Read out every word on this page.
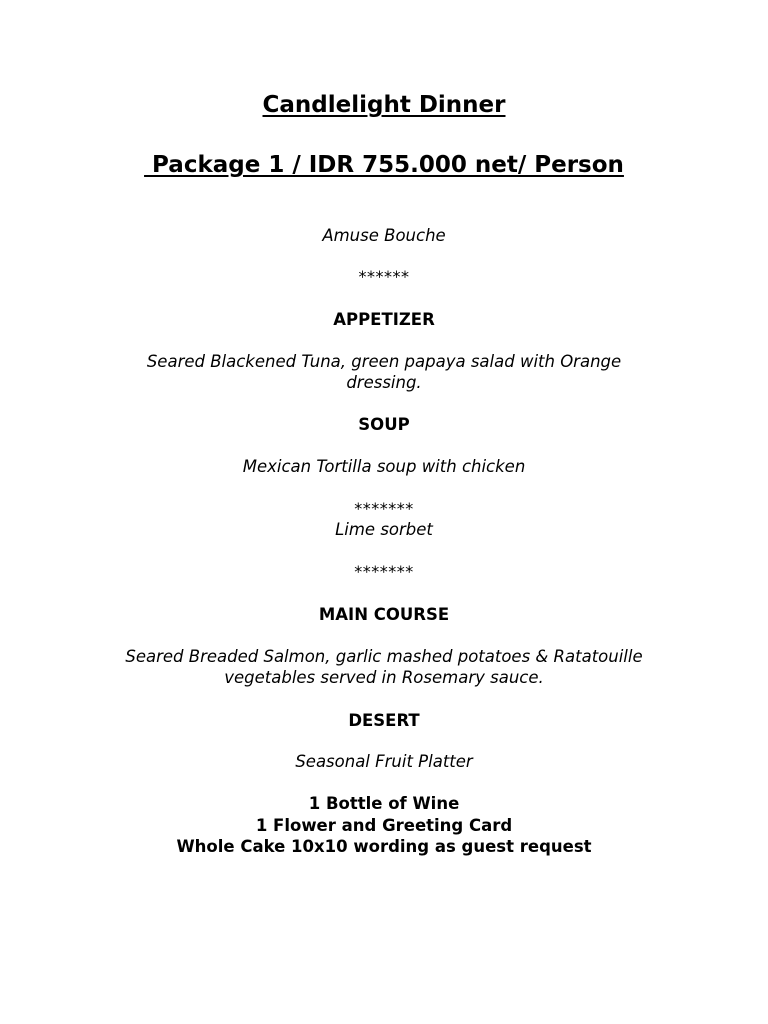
Candlelight Dinner
Package 1 / IDR 755.000 net/ Person
Amuse Bouche
******
APPETIZER
Seared Blackened Tuna, green papaya salad with Orange
dressing.
SOUP
Mexican Tortilla soup with chicken
*******
Lime sorbet
*******
MAIN COURSE
Seared Breaded Salmon, garlic mashed potatoes & Ratatouille
vegetables served in Rosemary sauce.
DESERT
Seasonal Fruit Platter
1 Bottle of Wine
1 Flower and Greeting Card
Whole Cake 10x10 wording as guest request
